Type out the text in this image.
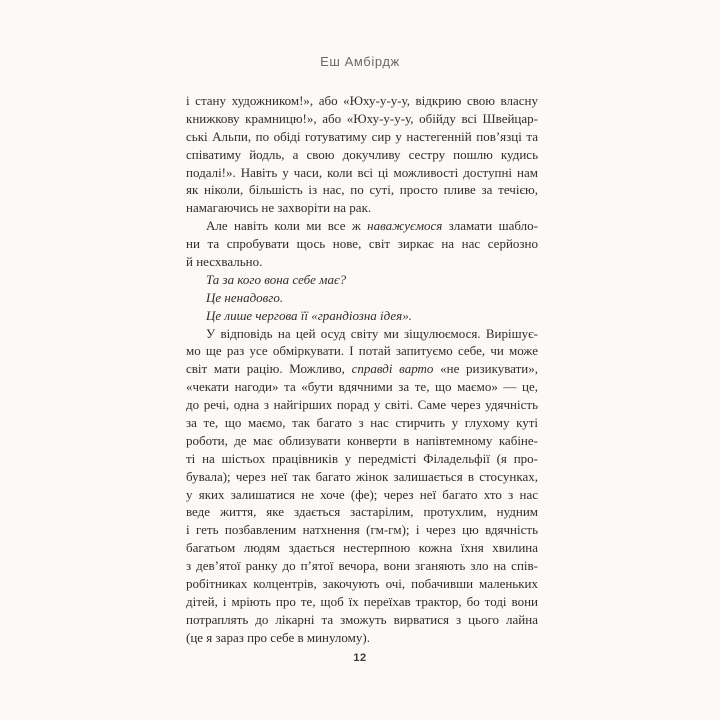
Еш Амбірдж
і стану художником!», або «Юху-у-у-у, відкрию свою власну
книжкову крамницю!», або «Юху-у-у-у, обійду всі Швейцар-
ські Альпи, по обіді готуватиму сир у настегенній пов’язці та
співатиму йодль, а свою докучливу сестру пошлю кудись
подалі!». Навіть у часи, коли всі ці можливості доступні нам
як ніколи, більшість із нас, по суті, просто пливе за течією,
намагаючись не захворіти на рак.
Але навіть коли ми все ж наважуємося зламати шабло-
ни та спробувати щось нове, світ зиркає на нас серйозно
й несхвально.
Та за кого вона себе має?
Це ненадовго.
Це лише чергова її «грандіозна ідея».
У відповідь на цей осуд світу ми зіщулюємося. Вирішує-
мо ще раз усе обміркувати. І потай запитуємо себе, чи може
світ мати рацію. Можливо, справді варто «не ризикувати»,
«чекати нагоди» та «бути вдячними за те, що маємо» — це,
до речі, одна з найгірших порад у світі. Саме через удячність
за те, що маємо, так багато з нас стирчить у глухому куті
роботи, де має облизувати конверти в напівтемному кабіне-
ті на шістьох працівників у передмісті Філадельфії (я про-
бувала); через неї так багато жінок залишається в стосунках,
у яких залишатися не хоче (фе); через неї багато хто з нас
веде життя, яке здається застарілим, протухлим, нудним
і геть позбавленим натхнення (гм-гм); і через цю вдячність
багатьом людям здається нестерпною кожна їхня хвилина
з дев’ятої ранку до п’ятої вечора, вони зганяють зло на спів-
робітниках колцентрів, закочують очі, побачивши маленьких
дітей, і мріють про те, щоб їх переїхав трактор, бо тоді вони
потраплять до лікарні та зможуть вирватися з цього лайна
(це я зараз про себе в минулому).
12
